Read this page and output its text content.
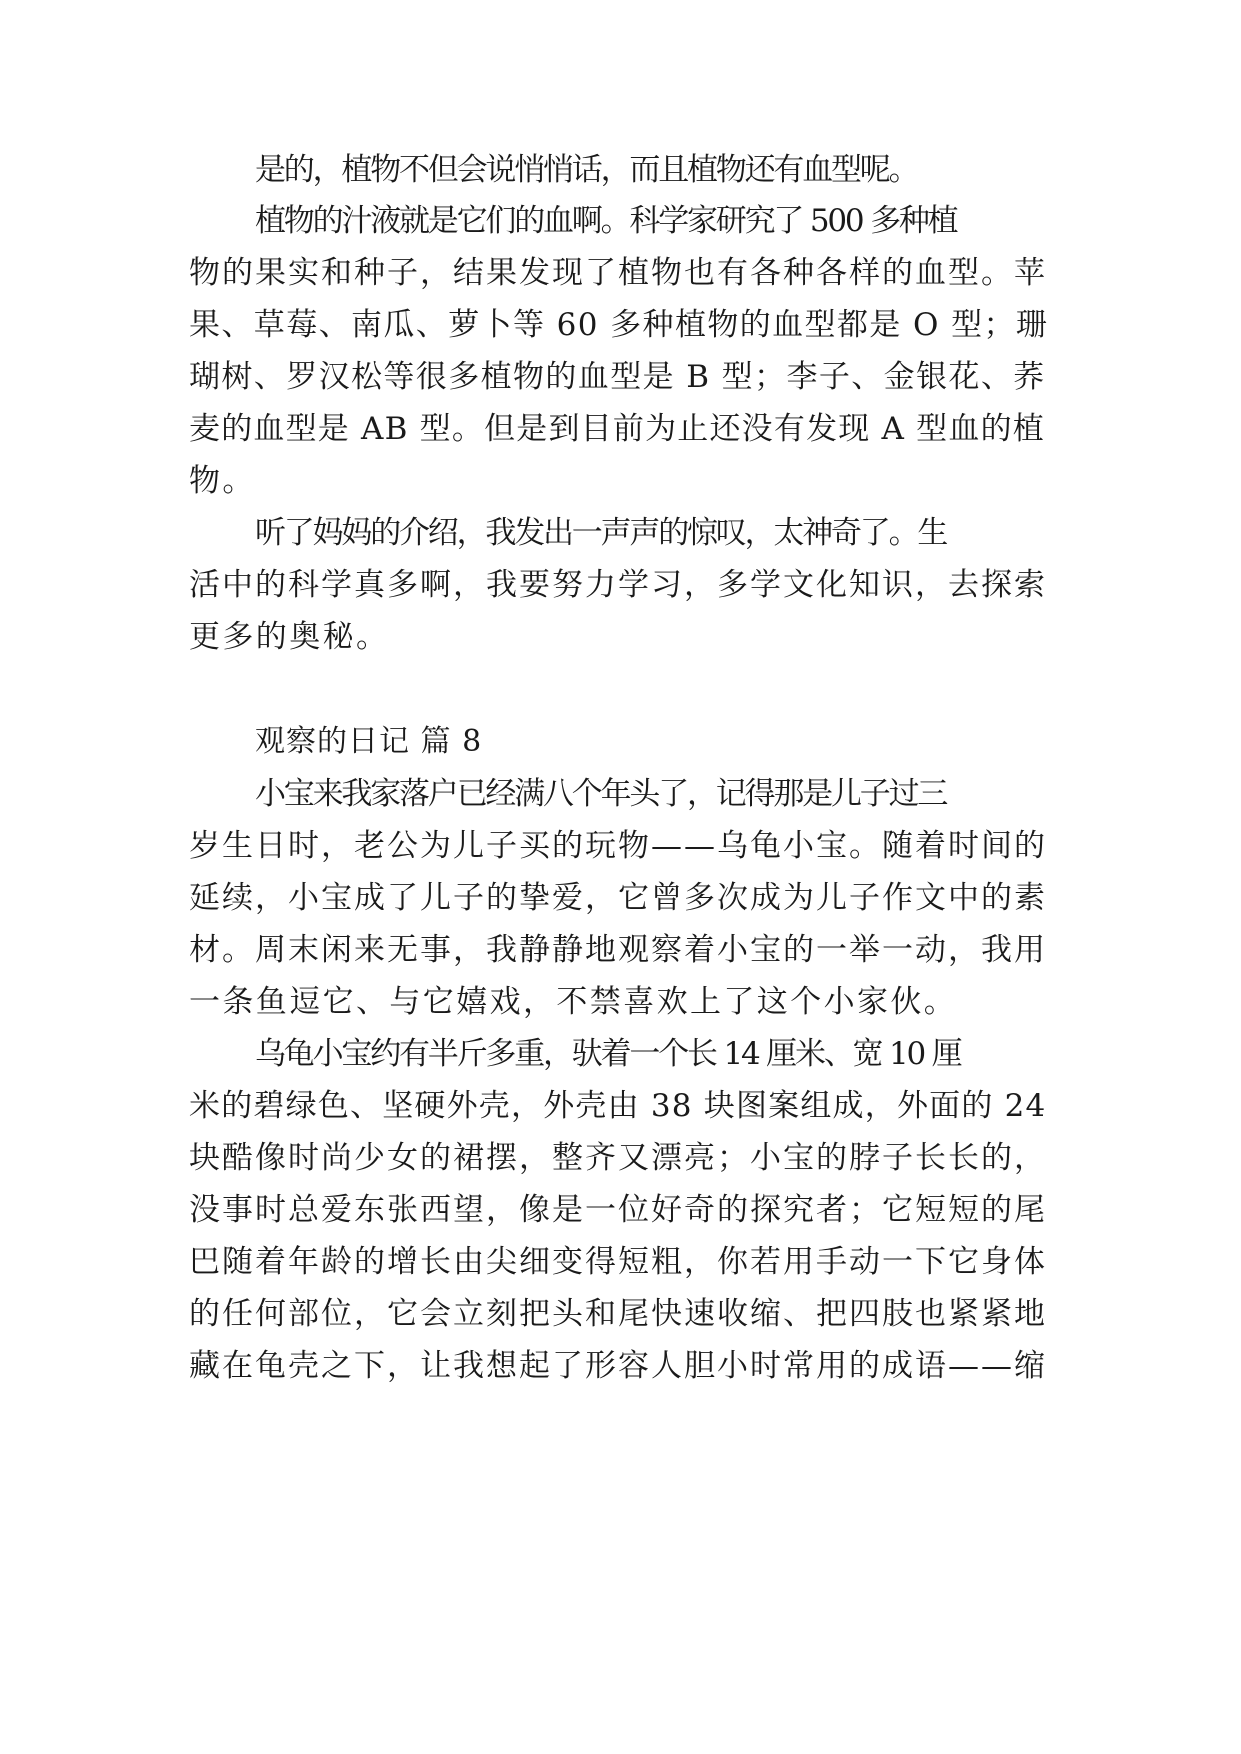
是的，植物不但会说悄悄话，而且植物还有血型呢。
植物的汁液就是它们的血啊。科学家研究了 500 多种植
物的果实和种子，结果发现了植物也有各种各样的血型。苹
果、草莓、南瓜、萝卜等 60 多种植物的血型都是 O 型；珊
瑚树、罗汉松等很多植物的血型是 B 型；李子、金银花、荞
麦的血型是 AB 型。但是到目前为止还没有发现 A 型血的植
物。
听了妈妈的介绍，我发出一声声的惊叹，太神奇了。生
活中的科学真多啊，我要努力学习，多学文化知识，去探索
更多的奥秘。
观察的日记 篇 8
小宝来我家落户已经满八个年头了，记得那是儿子过三
岁生日时，老公为儿子买的玩物——乌龟小宝。随着时间的
延续，小宝成了儿子的挚爱，它曾多次成为儿子作文中的素
材。周末闲来无事，我静静地观察着小宝的一举一动，我用
一条鱼逗它、与它嬉戏，不禁喜欢上了这个小家伙。
乌龟小宝约有半斤多重，驮着一个长 14 厘米、宽 10 厘
米的碧绿色、坚硬外壳，外壳由 38 块图案组成，外面的 24
块酷像时尚少女的裙摆，整齐又漂亮；小宝的脖子长长的，
没事时总爱东张西望，像是一位好奇的探究者；它短短的尾
巴随着年龄的增长由尖细变得短粗，你若用手动一下它身体
的任何部位，它会立刻把头和尾快速收缩、把四肢也紧紧地
藏在龟壳之下，让我想起了形容人胆小时常用的成语——缩
